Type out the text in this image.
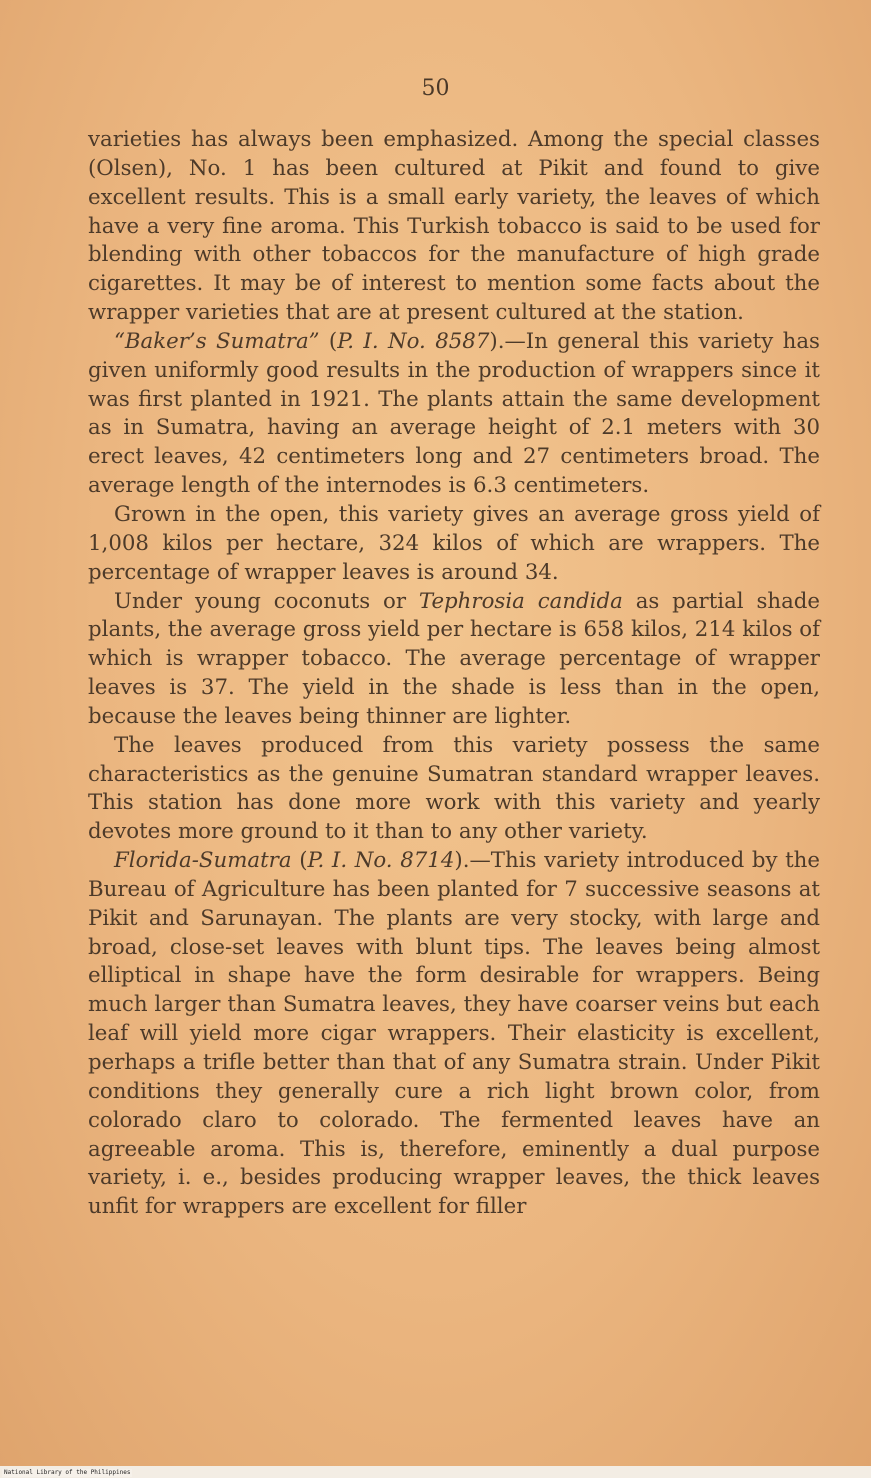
50

varieties has always been emphasized. Among the special classes (Olsen), No. 1 has been cultured at Pikit and found to give excellent results. This is a small early variety, the leaves of which have a very fine aroma. This Turkish tobacco is said to be used for blending with other tobaccos for the manufacture of high grade cigarettes. It may be of interest to mention some facts about the wrapper varieties that are at present cultured at the station.

“Baker’s Sumatra” (P. I. No. 8587).—In general this variety has given uniformly good results in the production of wrappers since it was first planted in 1921. The plants attain the same development as in Sumatra, having an average height of 2.1 meters with 30 erect leaves, 42 centimeters long and 27 centimeters broad. The average length of the internodes is 6.3 centimeters.

Grown in the open, this variety gives an average gross yield of 1,008 kilos per hectare, 324 kilos of which are wrappers. The percentage of wrapper leaves is around 34.

Under young coconuts or Tephrosia candida as partial shade plants, the average gross yield per hectare is 658 kilos, 214 kilos of which is wrapper tobacco. The average percentage of wrapper leaves is 37. The yield in the shade is less than in the open, because the leaves being thinner are lighter.

The leaves produced from this variety possess the same characteristics as the genuine Sumatran standard wrapper leaves. This station has done more work with this variety and yearly devotes more ground to it than to any other variety.

Florida-Sumatra (P. I. No. 8714).—This variety introduced by the Bureau of Agriculture has been planted for 7 successive seasons at Pikit and Sarunayan. The plants are very stocky, with large and broad, close-set leaves with blunt tips. The leaves being almost elliptical in shape have the form desirable for wrappers. Being much larger than Sumatra leaves, they have coarser veins but each leaf will yield more cigar wrappers. Their elasticity is excellent, perhaps a trifle better than that of any Sumatra strain. Under Pikit conditions they generally cure a rich light brown color, from colorado claro to colorado. The fermented leaves have an agreeable aroma. This is, therefore, eminently a dual purpose variety, i. e., besides producing wrapper leaves, the thick leaves unfit for wrappers are excellent for filler

National Library of the Philippines
